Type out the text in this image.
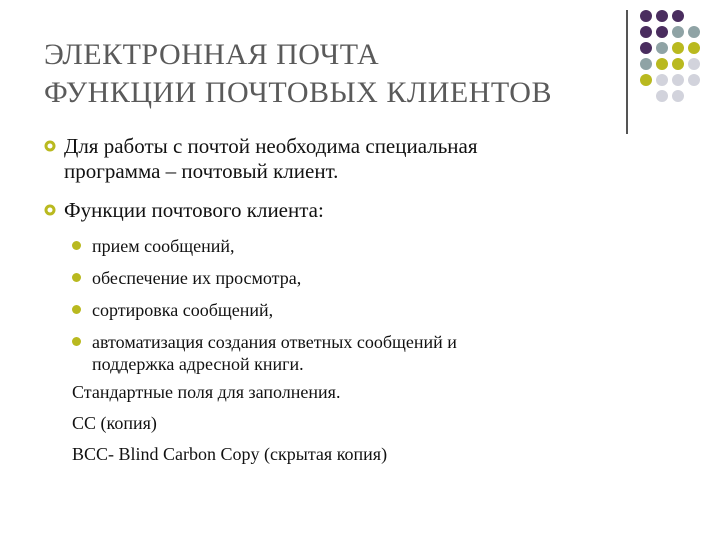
ЭЛЕКТРОННАЯ ПОЧТА
ФУНКЦИИ ПОЧТОВЫХ КЛИЕНТОВ
Для работы с почтой необходима специальная
программа – почтовый клиент.
Функции почтового клиента:
прием сообщений,
обеспечение их просмотра,
сортировка сообщений,
автоматизация создания ответных сообщений и
поддержка адресной книги.
Стандартные поля для заполнения.
СС (копия)
BCC- Blind Carbon Copy (скрытая копия)
